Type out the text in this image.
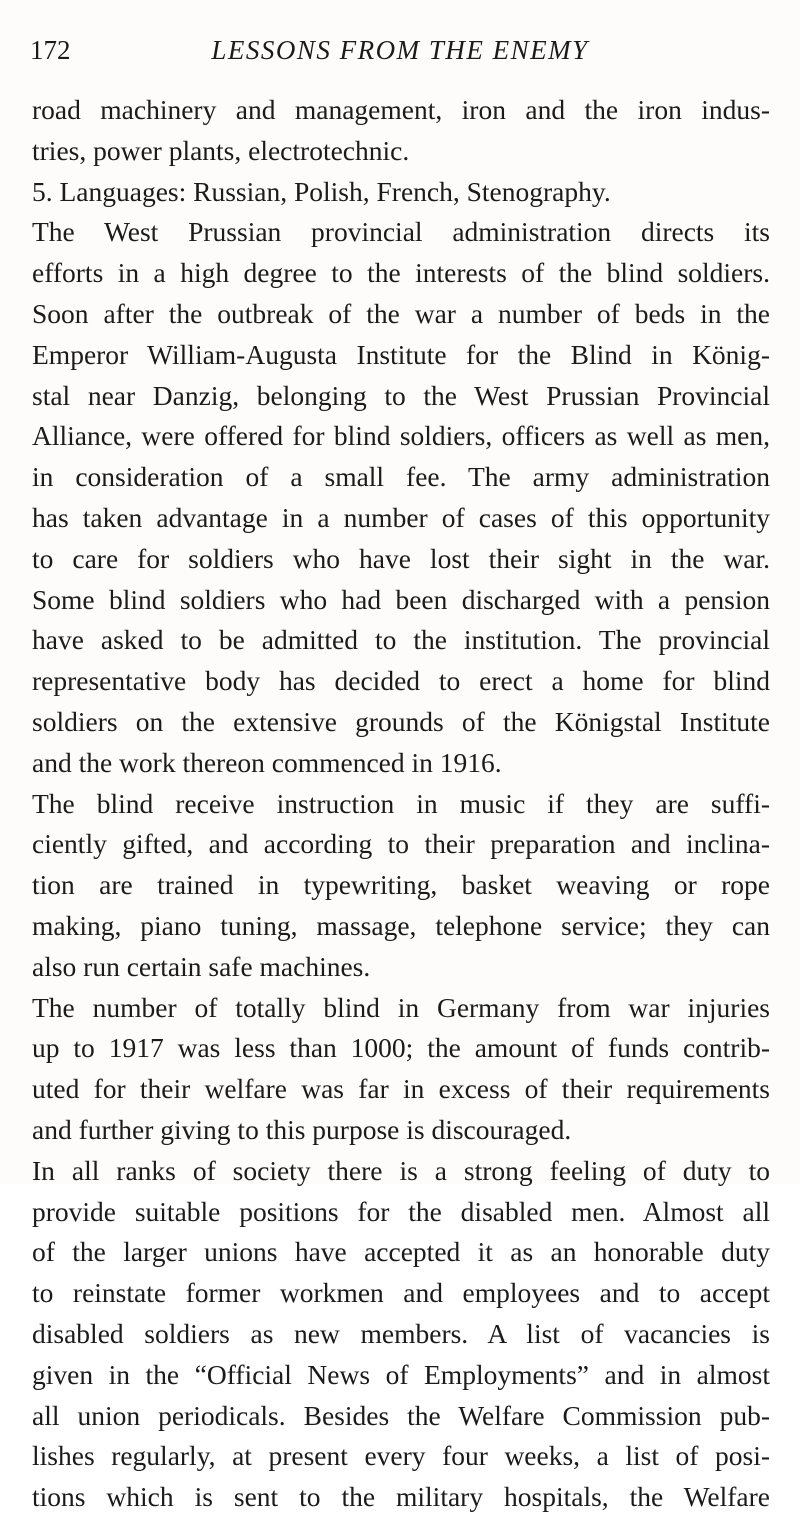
172	LESSONS FROM THE ENEMY
road machinery and management, iron and the iron indus-
tries, power plants, electrotechnic.
5. Languages: Russian, Polish, French, Stenography.
The West Prussian provincial administration directs its
efforts in a high degree to the interests of the blind soldiers.
Soon after the outbreak of the war a number of beds in the
Emperor William-Augusta Institute for the Blind in König-
stal near Danzig, belonging to the West Prussian Provincial
Alliance, were offered for blind soldiers, officers as well as men,
in consideration of a small fee. The army administration
has taken advantage in a number of cases of this opportunity
to care for soldiers who have lost their sight in the war.
Some blind soldiers who had been discharged with a pension
have asked to be admitted to the institution. The provincial
representative body has decided to erect a home for blind
soldiers on the extensive grounds of the Königstal Institute
and the work thereon commenced in 1916.
The blind receive instruction in music if they are suffi-
ciently gifted, and according to their preparation and inclina-
tion are trained in typewriting, basket weaving or rope
making, piano tuning, massage, telephone service; they can
also run certain safe machines.
The number of totally blind in Germany from war injuries
up to 1917 was less than 1000; the amount of funds contrib-
uted for their welfare was far in excess of their requirements
and further giving to this purpose is discouraged.
In all ranks of society there is a strong feeling of duty to
provide suitable positions for the disabled men. Almost all
of the larger unions have accepted it as an honorable duty
to reinstate former workmen and employees and to accept
disabled soldiers as new members. A list of vacancies is
given in the “Official News of Employments” and in almost
all union periodicals. Besides the Welfare Commission pub-
lishes regularly, at present every four weeks, a list of posi-
tions which is sent to the military hospitals, the Welfare
